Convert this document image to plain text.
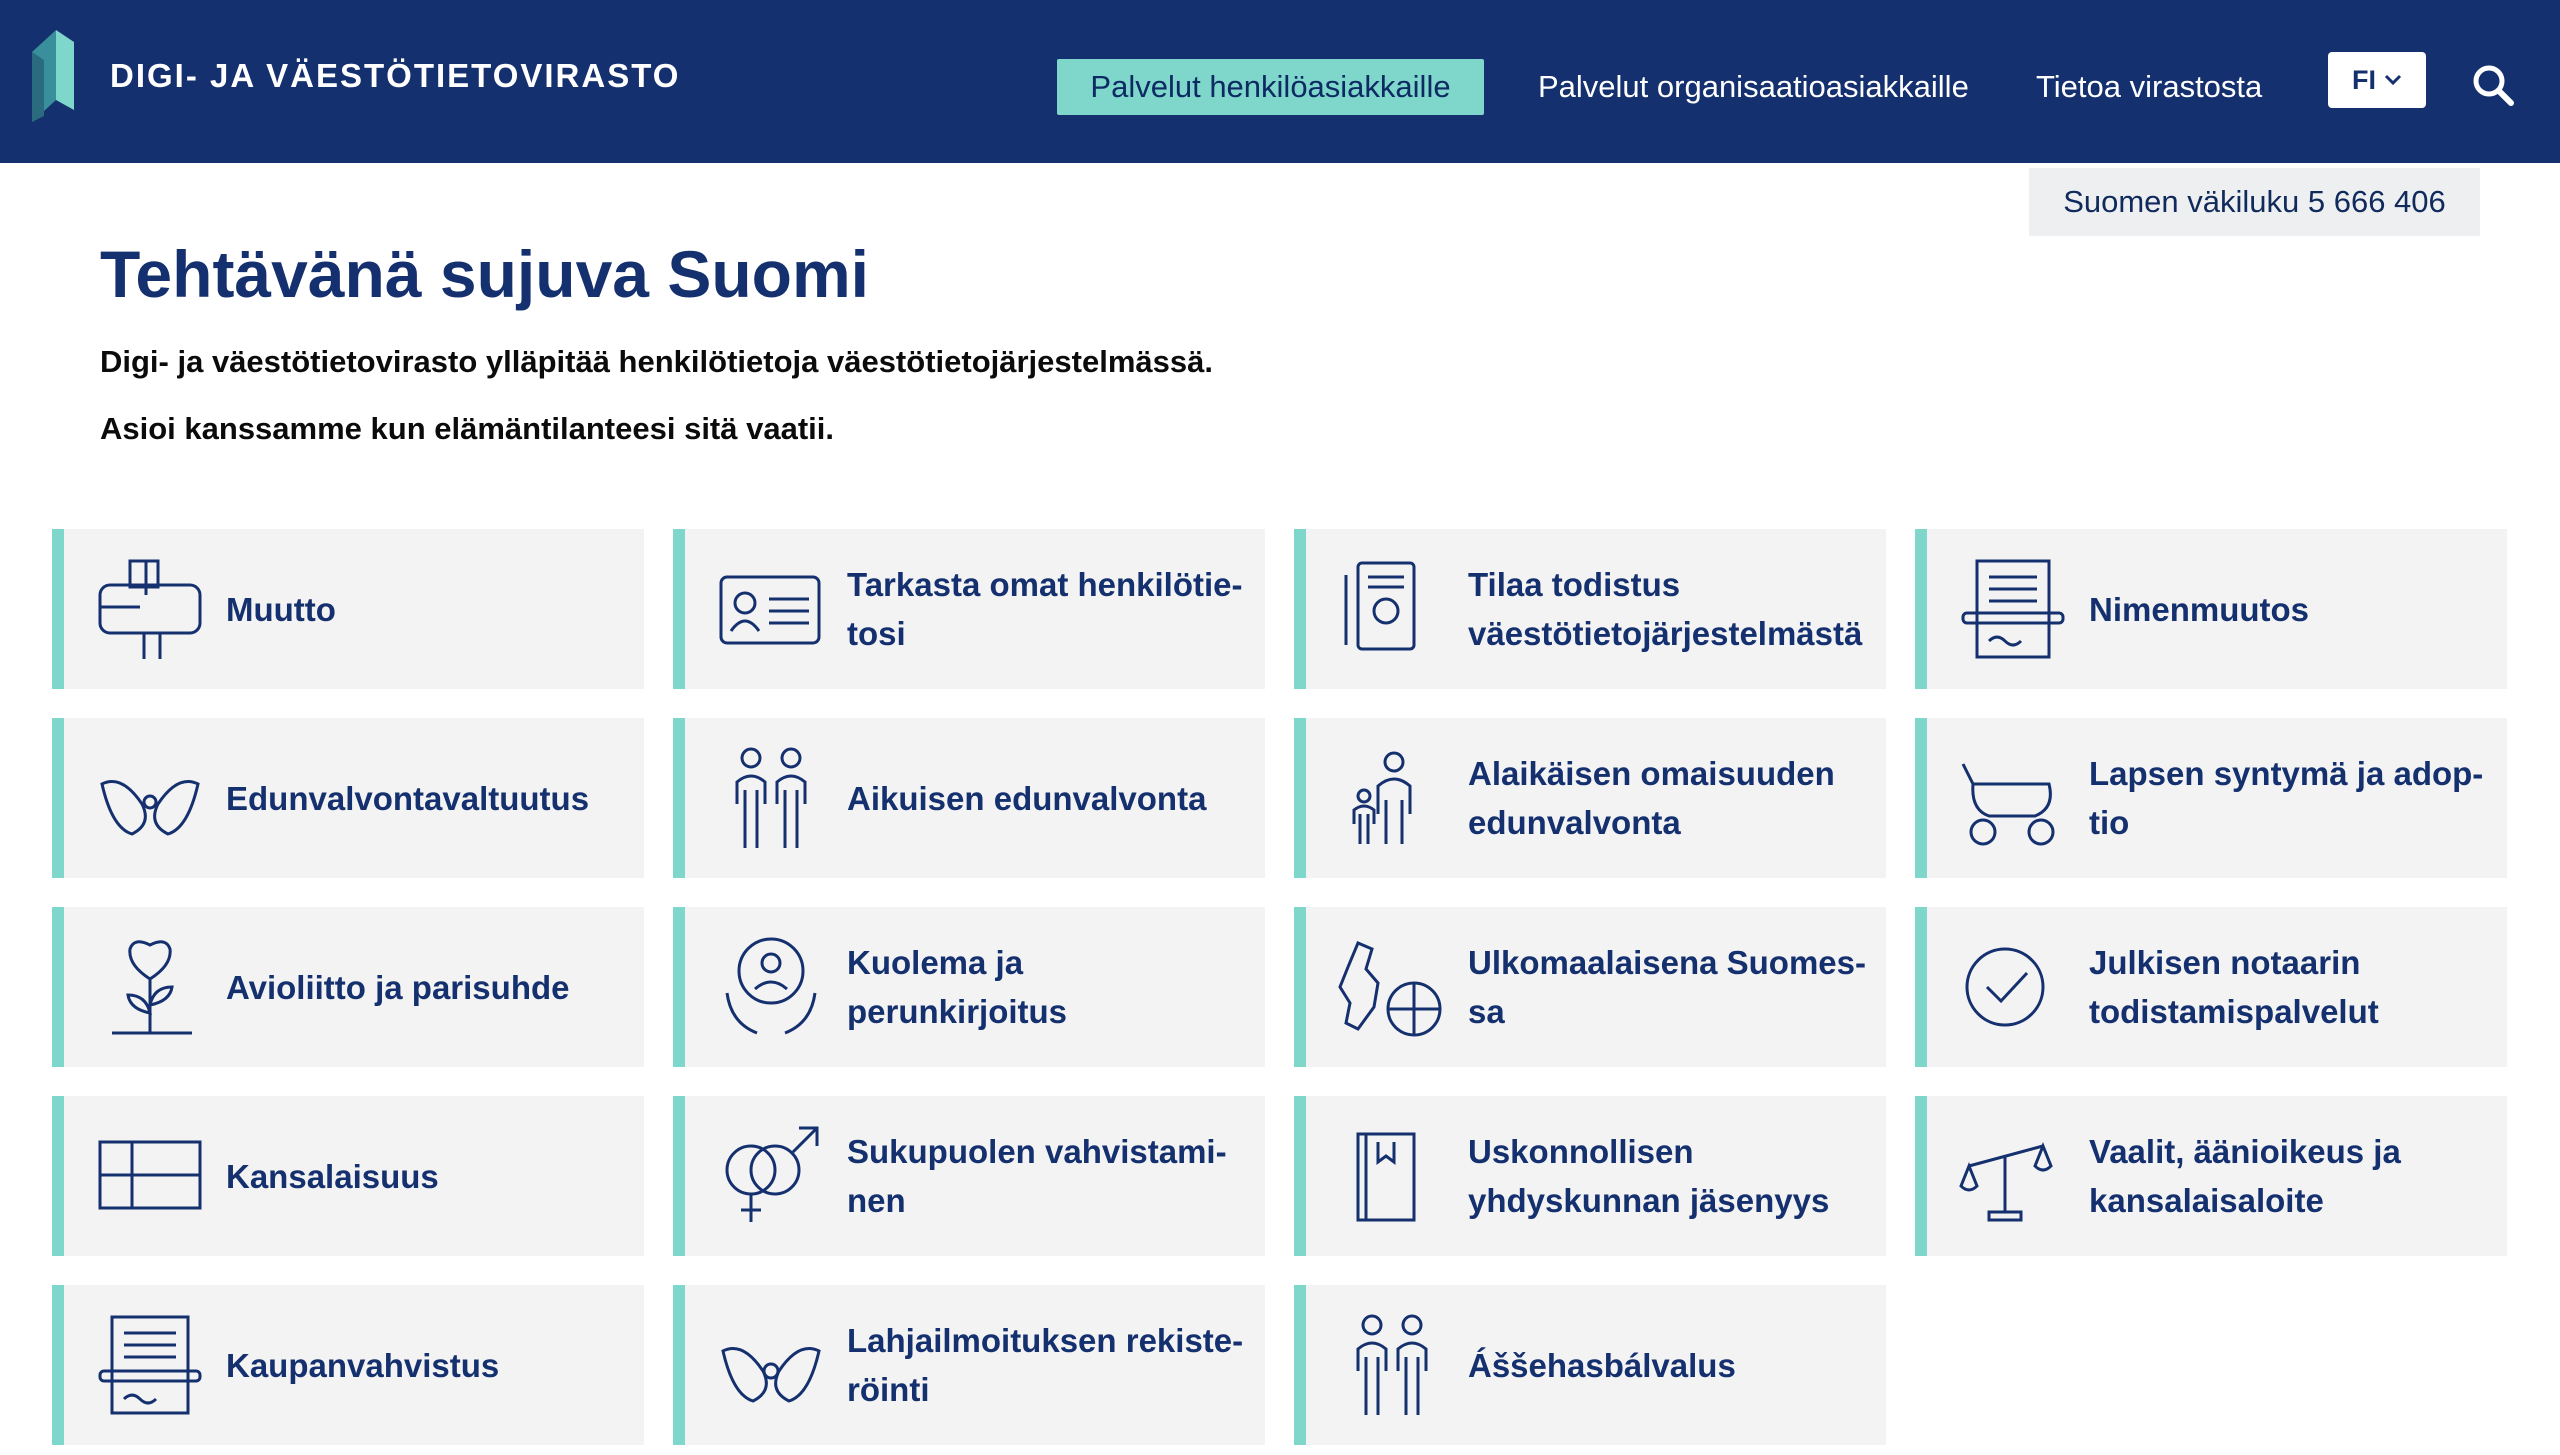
DIGI- JA VÄESTÖTIETOVIRASTO	Palvelut henkilöasiakkaille	Palvelut organisaatioasiakkaille Tietoa virastosta	FI
Suomen väkiluku 5 666 406
Tehtävänä sujuva Suomi

Digi- ja väestötietovirasto ylläpitää henkilötietoja väestötietojärjestelmässä.

Asioi kanssamme kun elämäntilanteesi sitä vaatii.

Muutto
Tarkasta omat henkilötietosi
Tilaa todistus väestötietojärjestelmästä
Nimenmuutos
Edunvalvontavaltuutus	Aikuisen edunvalvonta
Alaikäisen omaisuuden edunvalvonta
Lapsen syntymä ja adoptio
Avioliitto ja parisuhde
Kuolema ja perunkirjoitus
Ulkomaalaisena Suomessa
Julkisen notaarin todistamispalvelut
Kansalaisuus
Sukupuolen vahvistaminen
Uskonnollisen yhdyskunnan jäsenyys
Vaalit, äänioikeus ja kansalaisaloite
Kaupanvahvistus
Lahjailmoituksen rekisteröinti
Áššehasbálvalus
